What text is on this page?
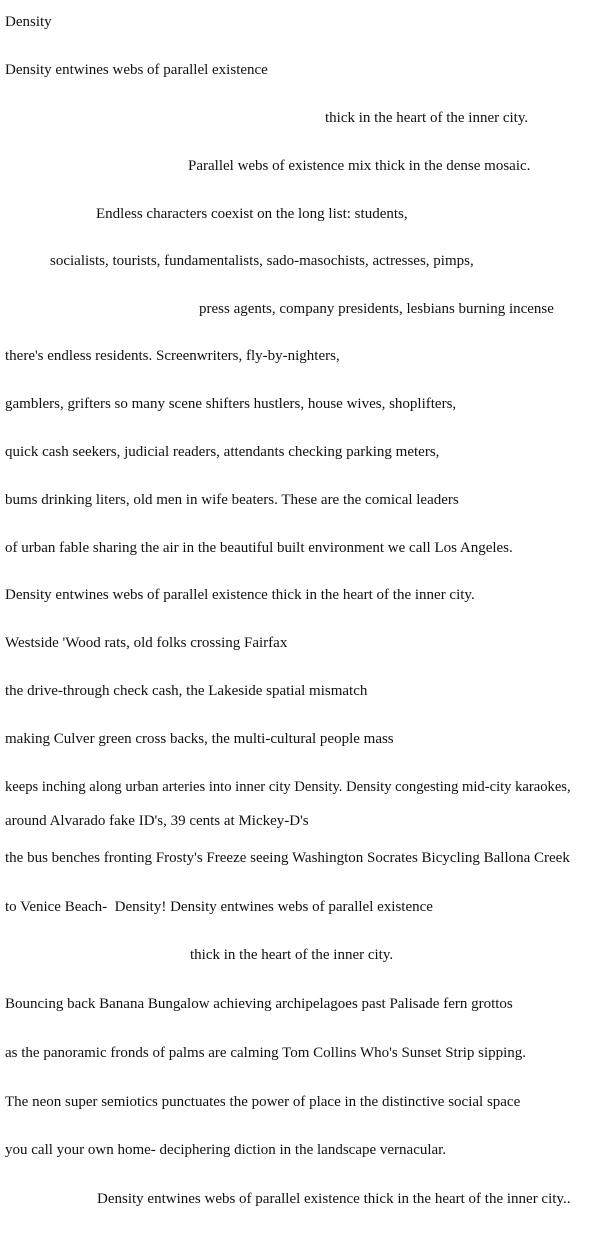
Density
Density entwines webs of parallel existence
thick in the heart of the inner city.
Parallel webs of existence mix thick in the dense mosaic.
Endless characters coexist on the long list: students,
socialists, tourists, fundamentalists, sado-masochists, actresses, pimps,
press agents, company presidents, lesbians burning incense
there's endless residents. Screenwriters, fly-by-nighters,
gamblers, grifters so many scene shifters hustlers, house wives, shoplifters,
quick cash seekers, judicial readers, attendants checking parking meters,
bums drinking liters, old men in wife beaters. These are the comical leaders
of urban fable sharing the air in the beautiful built environment we call Los Angeles.
Density entwines webs of parallel existence thick in the heart of the inner city.
Westside 'Wood rats, old folks crossing Fairfax
the drive-through check cash, the Lakeside spatial mismatch
making Culver green cross backs, the multi-cultural people mass
keeps inching along urban arteries into inner city Density. Density congesting mid-city karaokes,
around Alvarado fake ID's, 39 cents at Mickey-D's
the bus benches fronting Frosty's Freeze seeing Washington Socrates Bicycling Ballona Creek
to Venice Beach-  Density! Density entwines webs of parallel existence
thick in the heart of the inner city.
Bouncing back Banana Bungalow achieving archipelagoes past Palisade fern grottos
as the panoramic fronds of palms are calming Tom Collins Who's Sunset Strip sipping.
The neon super semiotics punctuates the power of place in the distinctive social space
you call your own home- deciphering diction in the landscape vernacular.
Density entwines webs of parallel existence thick in the heart of the inner city..
